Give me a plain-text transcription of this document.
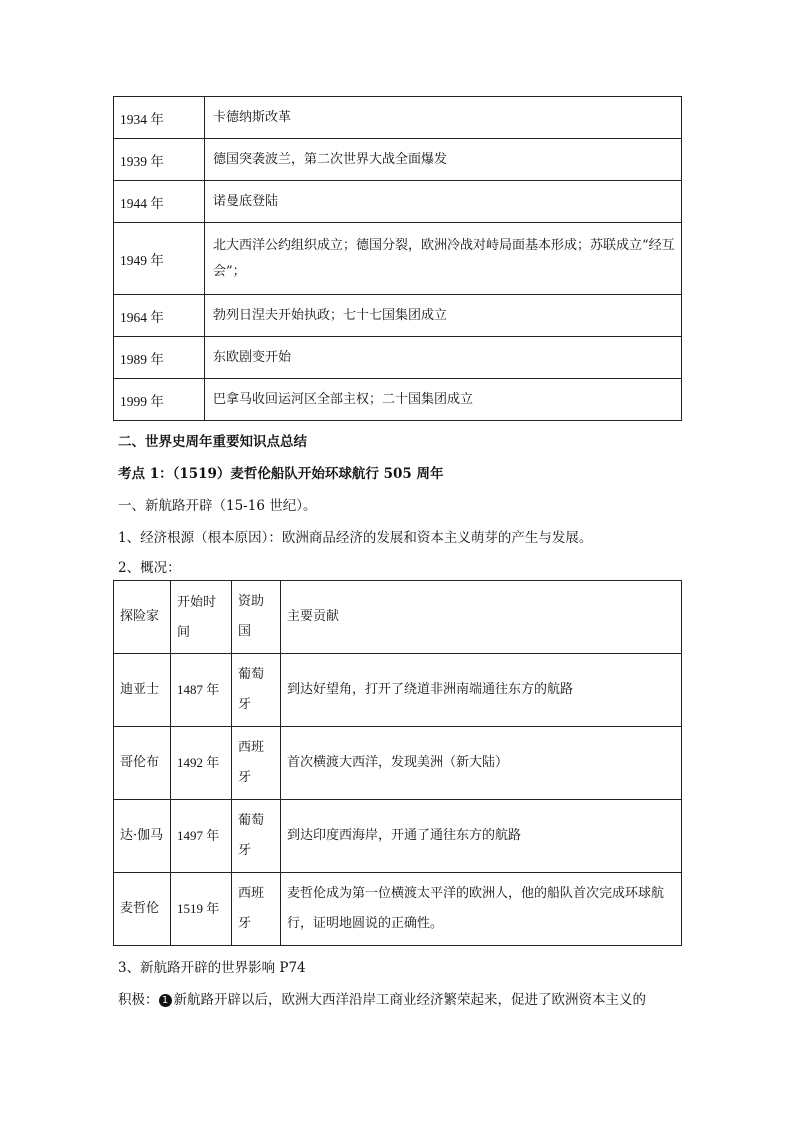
1934 年	卡德纳斯改革
1939 年	德国突袭波兰，第二次世界大战全面爆发
1944 年	诺曼底登陆
1949 年	北大西洋公约组织成立；德国分裂，欧洲冷战对峙局面基本形成；苏联成立“经互会”；
1964 年	勃列日涅夫开始执政；七十七国集团成立
1989 年	东欧剧变开始
1999 年	巴拿马收回运河区全部主权；二十国集团成立
二、世界史周年重要知识点总结
考点 1：（1519）麦哲伦船队开始环球航行 505 周年
一、新航路开辟（15-16 世纪）。
1、经济根源（根本原因）：欧洲商品经济的发展和资本主义萌芽的产生与发展。
2、概况：
探险家	开始时间	资助国	主要贡献
迪亚士	1487 年	葡萄牙	到达好望角，打开了绕道非洲南端通往东方的航路
哥伦布	1492 年	西班牙	首次横渡大西洋，发现美洲（新大陆）
达·伽马	1497 年	葡萄牙	到达印度西海岸，开通了通往东方的航路
麦哲伦	1519 年	西班牙	麦哲伦成为第一位横渡太平洋的欧洲人，他的船队首次完成环球航行，证明地圆说的正确性。
3、新航路开辟的世界影响 P74
积极： 1 新航路开辟以后，欧洲大西洋沿岸工商业经济繁荣起来，促进了欧洲资本主义的
